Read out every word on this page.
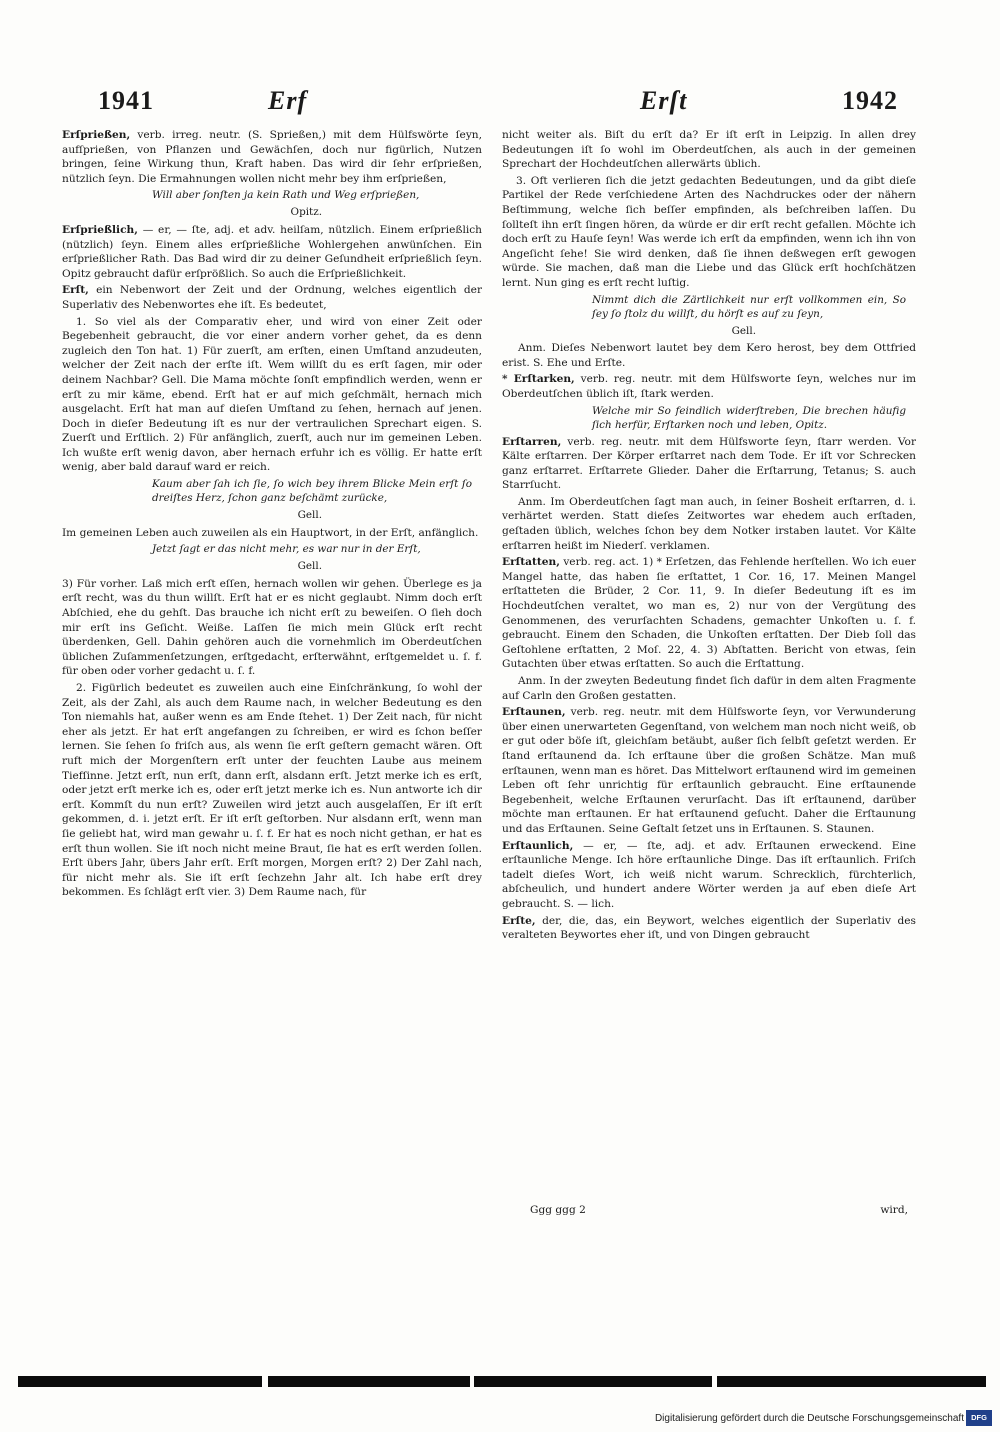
1941	Erf	Erſt	1942

Erſprießen, verb. irreg. neutr. (S. Sprießen,) mit dem Hülfswörte ſeyn, aufſprießen, von Pflanzen und Gewächſen, doch nur figürlich, Nutzen bringen, ſeine Wirkung thun, Kraft haben. Das wird dir ſehr erſprießen, nützlich ſeyn. Die Ermahnungen wollen nicht mehr bey ihm erſprießen,

Will aber ſonſten ja kein Rath und Weg erſprießen,
Opitz.

Erſprießlich, — er, — ſte, adj. et adv. heilſam, nützlich. Einem erſprießlich (nützlich) ſeyn. Einem alles erſprießliche Wohlergehen anwünſchen. Ein erſprießlicher Rath. Das Bad wird dir zu deiner Geſundheit erſprießlich ſeyn. Opitz gebraucht dafür erſprößlich. So auch die Erſprießlichkeit.

Erſt, ein Nebenwort der Zeit und der Ordnung, welches eigentlich der Superlativ des Nebenwortes ehe iſt. Es bedeutet,

1. So viel als der Comparativ eher, und wird von einer Zeit oder Begebenheit gebraucht, die vor einer andern vorher gehet, da es denn zugleich den Ton hat. 1) Für zuerſt, am erſten, einen Umſtand anzudeuten, welcher der Zeit nach der erſte iſt. Wem willſt du es erſt ſagen, mir oder deinem Nachbar? Gell. Die Mama möchte ſonſt empfindlich werden, wenn er erſt zu mir käme, ebend. Erſt hat er auf mich geſchmält, hernach mich ausgelacht. Erſt hat man auf dieſen Umſtand zu ſehen, hernach auf jenen. Doch in dieſer Bedeutung iſt es nur der vertraulichen Sprechart eigen. S. Zuerſt und Erſtlich. 2) Für anfänglich, zuerſt, auch nur im gemeinen Leben. Ich wußte erſt wenig davon, aber hernach erfuhr ich es völlig. Er hatte erſt wenig, aber bald darauf ward er reich.

Kaum aber ſah ich ſie, ſo wich bey ihrem Blicke Mein erſt ſo dreiſtes Herz, ſchon ganz beſchämt zurücke,
Gell.

Im gemeinen Leben auch zuweilen als ein Hauptwort, in der Erſt, anfänglich.

Jetzt ſagt er das nicht mehr, es war nur in der Erſt,
Gell.

3) Für vorher. Laß mich erſt eſſen, hernach wollen wir gehen. Überlege es ja erſt recht, was du thun willſt. Erſt hat er es nicht geglaubt. Nimm doch erſt Abſchied, ehe du gehſt. Das brauche ich nicht erſt zu beweiſen. O ſieh doch mir erſt ins Geſicht. Weiße. Laſſen ſie mich mein Glück erſt recht überdenken, Gell. Dahin gehören auch die vornehmlich im Oberdeutſchen üblichen Zuſammenſetzungen, erſtgedacht, erſterwähnt, erſtgemeldet u. ſ. f. für oben oder vorher gedacht u. ſ. f.

2. Figürlich bedeutet es zuweilen auch eine Einſchränkung, ſo wohl der Zeit, als der Zahl, als auch dem Raume nach, in welcher Bedeutung es den Ton niemahls hat, außer wenn es am Ende ſtehet. 1) Der Zeit nach, für nicht eher als jetzt. Er hat erſt angefangen zu ſchreiben, er wird es ſchon beſſer lernen. Sie ſehen ſo friſch aus, als wenn ſie erſt geſtern gemacht wären. Oft ruft mich der Morgenſtern erſt unter der feuchten Laube aus meinem Tiefſinne. Jetzt erſt, nun erſt, dann erſt, alsdann erſt. Jetzt merke ich es erſt, oder jetzt erſt merke ich es, oder erſt jetzt merke ich es. Nun antworte ich dir erſt. Kommſt du nun erſt? Zuweilen wird jetzt auch ausgelaſſen, Er iſt erſt gekommen, d. i. jetzt erſt. Er iſt erſt geſtorben. Nur alsdann erſt, wenn man ſie geliebt hat, wird man gewahr u. ſ. f. Er hat es noch nicht gethan, er hat es erſt thun wollen. Sie iſt noch nicht meine Braut, ſie hat es erſt werden ſollen. Erſt übers Jahr, übers Jahr erſt. Erſt morgen, Morgen erſt? 2) Der Zahl nach, für nicht mehr als. Sie iſt erſt ſechzehn Jahr alt. Ich habe erſt drey bekommen. Es ſchlägt erſt vier. 3) Dem Raume nach, für

nicht weiter als. Biſt du erſt da? Er iſt erſt in Leipzig. In allen drey Bedeutungen iſt ſo wohl im Oberdeutſchen, als auch in der gemeinen Sprechart der Hochdeutſchen allerwärts üblich.

3. Oft verlieren ſich die jetzt gedachten Bedeutungen, und da gibt dieſe Partikel der Rede verſchiedene Arten des Nachdruckes oder der nähern Beſtimmung, welche ſich beſſer empfinden, als beſchreiben laſſen. Du ſollteſt ihn erſt ſingen hören, da würde er dir erſt recht gefallen. Möchte ich doch erſt zu Hauſe ſeyn! Was werde ich erſt da empfinden, wenn ich ihn von Angeſicht ſehe! Sie wird denken, daß ſie ihnen deßwegen erſt gewogen würde. Sie machen, daß man die Liebe und das Glück erſt hochſchätzen lernt. Nun ging es erſt recht luſtig.

Nimmt dich die Zärtlichkeit nur erſt vollkommen ein, So ſey ſo ſtolz du willſt, du hörſt es auf zu ſeyn,
Gell.

Anm. Dieſes Nebenwort lautet bey dem Kero herost, bey dem Ottfried erist. S. Ehe und Erſte.

* Erſtarken, verb. reg. neutr. mit dem Hülfsworte ſeyn, welches nur im Oberdeutſchen üblich iſt, ſtark werden.

Welche mir So feindlich widerſtreben, Die brechen häufig ſich herfür, Erſtarken noch und leben, Opitz.

Erſtarren, verb. reg. neutr. mit dem Hülfsworte ſeyn, ſtarr werden. Vor Kälte erſtarren. Der Körper erſtarret nach dem Tode. Er iſt vor Schrecken ganz erſtarret. Erſtarrete Glieder. Daher die Erſtarrung, Tetanus; S. auch Starrſucht.

Anm. Im Oberdeutſchen ſagt man auch, in ſeiner Bosheit erſtarren, d. i. verhärtet werden. Statt dieſes Zeitwortes war ehedem auch erſtaden, geſtaden üblich, welches ſchon bey dem Notker irstaben lautet. Vor Kälte erſtarren heißt im Niederſ. verklamen.

Erſtatten, verb. reg. act. 1) * Erſetzen, das Fehlende herſtellen. Wo ich euer Mangel hatte, das haben ſie erſtattet, 1 Cor. 16, 17. Meinen Mangel erſtatteten die Brüder, 2 Cor. 11, 9. In dieſer Bedeutung iſt es im Hochdeutſchen veraltet, wo man es, 2) nur von der Vergütung des Genommenen, des verurſachten Schadens, gemachter Unkoſten u. ſ. f. gebraucht. Einem den Schaden, die Unkoſten erſtatten. Der Dieb ſoll das Geſtohlene erſtatten, 2 Moſ. 22, 4. 3) Abſtatten. Bericht von etwas, ſein Gutachten über etwas erſtatten. So auch die Erſtattung.

Anm. In der zweyten Bedeutung findet ſich dafür in dem alten Fragmente auf Carln den Großen gestatten.

Erſtaunen, verb. reg. neutr. mit dem Hülfsworte ſeyn, vor Verwunderung über einen unerwarteten Gegenſtand, von welchem man noch nicht weiß, ob er gut oder böſe iſt, gleichſam betäubt, außer ſich ſelbſt geſetzt werden. Er ſtand erſtaunend da. Ich erſtaune über die großen Schätze. Man muß erſtaunen, wenn man es höret. Das Mittelwort erſtaunend wird im gemeinen Leben oft ſehr unrichtig für erſtaunlich gebraucht. Eine erſtaunende Begebenheit, welche Erſtaunen verurſacht. Das iſt erſtaunend, darüber möchte man erſtaunen. Er hat erſtaunend geſucht. Daher die Erſtaunung und das Erſtaunen. Seine Geſtalt ſetzet uns in Erſtaunen. S. Staunen.

Erſtaunlich, — er, — ſte, adj. et adv. Erſtaunen erweckend. Eine erſtaunliche Menge. Ich höre erſtaunliche Dinge. Das iſt erſtaunlich. Friſch tadelt dieſes Wort, ich weiß nicht warum. Schrecklich, fürchterlich, abſcheulich, und hundert andere Wörter werden ja auf eben dieſe Art gebraucht. S. — lich.

Erſte, der, die, das, ein Beywort, welches eigentlich der Superlativ des veralteten Beywortes eher iſt, und von Dingen gebraucht

Ggg ggg 2	wird,
Digitalisierung gefördert durch die Deutsche Forschungsgemeinschaft DFG
